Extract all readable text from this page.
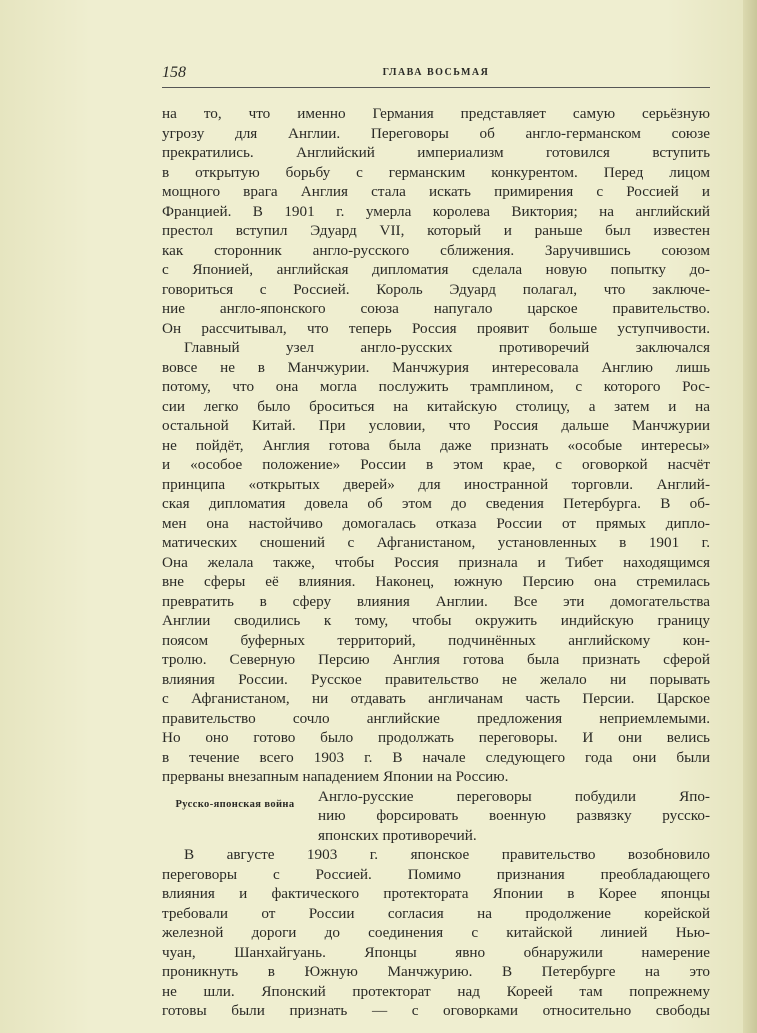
158	ГЛАВА ВОСЬМАЯ
на то, что именно Германия представляет самую серьёзную
угрозу для Англии. Переговоры об англо-германском союзе
прекратились. Английский империализм готовился вступить
в открытую борьбу с германским конкурентом. Перед лицом
мощного врага Англия стала искать примирения с Россией и
Францией. В 1901 г. умерла королева Виктория; на английский
престол вступил Эдуард VII, который и раньше был известен
как сторонник англо-русского сближения. Заручившись союзом
с Японией, английская дипломатия сделала новую попытку до-
говориться с Россией. Король Эдуард полагал, что заключе-
ние англо-японского союза напугало царское правительство.
Он рассчитывал, что теперь Россия проявит больше уступчивости.
Главный узел англо-русских противоречий заключался
вовсе не в Манчжурии. Манчжурия интересовала Англию лишь
потому, что она могла послужить трамплином, с которого Рос-
сии легко было броситься на китайскую столицу, а затем и на
остальной Китай. При условии, что Россия дальше Манчжурии
не пойдёт, Англия готова была даже признать «особые интересы»
и «особое положение» России в этом крае, с оговоркой насчёт
принципа «открытых дверей» для иностранной торговли. Англий-
ская дипломатия довела об этом до сведения Петербурга. В об-
мен она настойчиво домогалась отказа России от прямых дипло-
матических сношений с Афганистаном, установленных в 1901 г.
Она желала также, чтобы Россия признала и Тибет находящимся
вне сферы её влияния. Наконец, южную Персию она стремилась
превратить в сферу влияния Англии. Все эти домогательства
Англии сводились к тому, чтобы окружить индийскую границу
поясом буферных территорий, подчинённых английскому кон-
тролю. Северную Персию Англия готова была признать сферой
влияния России. Русское правительство не желало ни порывать
с Афганистаном, ни отдавать англичанам часть Персии. Царское
правительство сочло английские предложения неприемлемыми.
Но оно готово было продолжать переговоры. И они велись
в течение всего 1903 г. В начале следующего года они были
прерваны внезапным нападением Японии на Россию.
Русско-японская война	Англо-русские переговоры побудили Япо-
нию форсировать военную развязку русско-
японских противоречий.
В августе 1903 г. японское правительство возобновило
переговоры с Россией. Помимо признания преобладающего
влияния и фактического протектората Японии в Корее японцы
требовали от России согласия на продолжение корейской
железной дороги до соединения с китайской линией Нью-
чуан, Шанхайгуань. Японцы явно обнаружили намерение
проникнуть в Южную Манчжурию. В Петербурге на это
не шли. Японский протекторат над Кореей там попрежнему
готовы были признать — с оговорками относительно свободы
